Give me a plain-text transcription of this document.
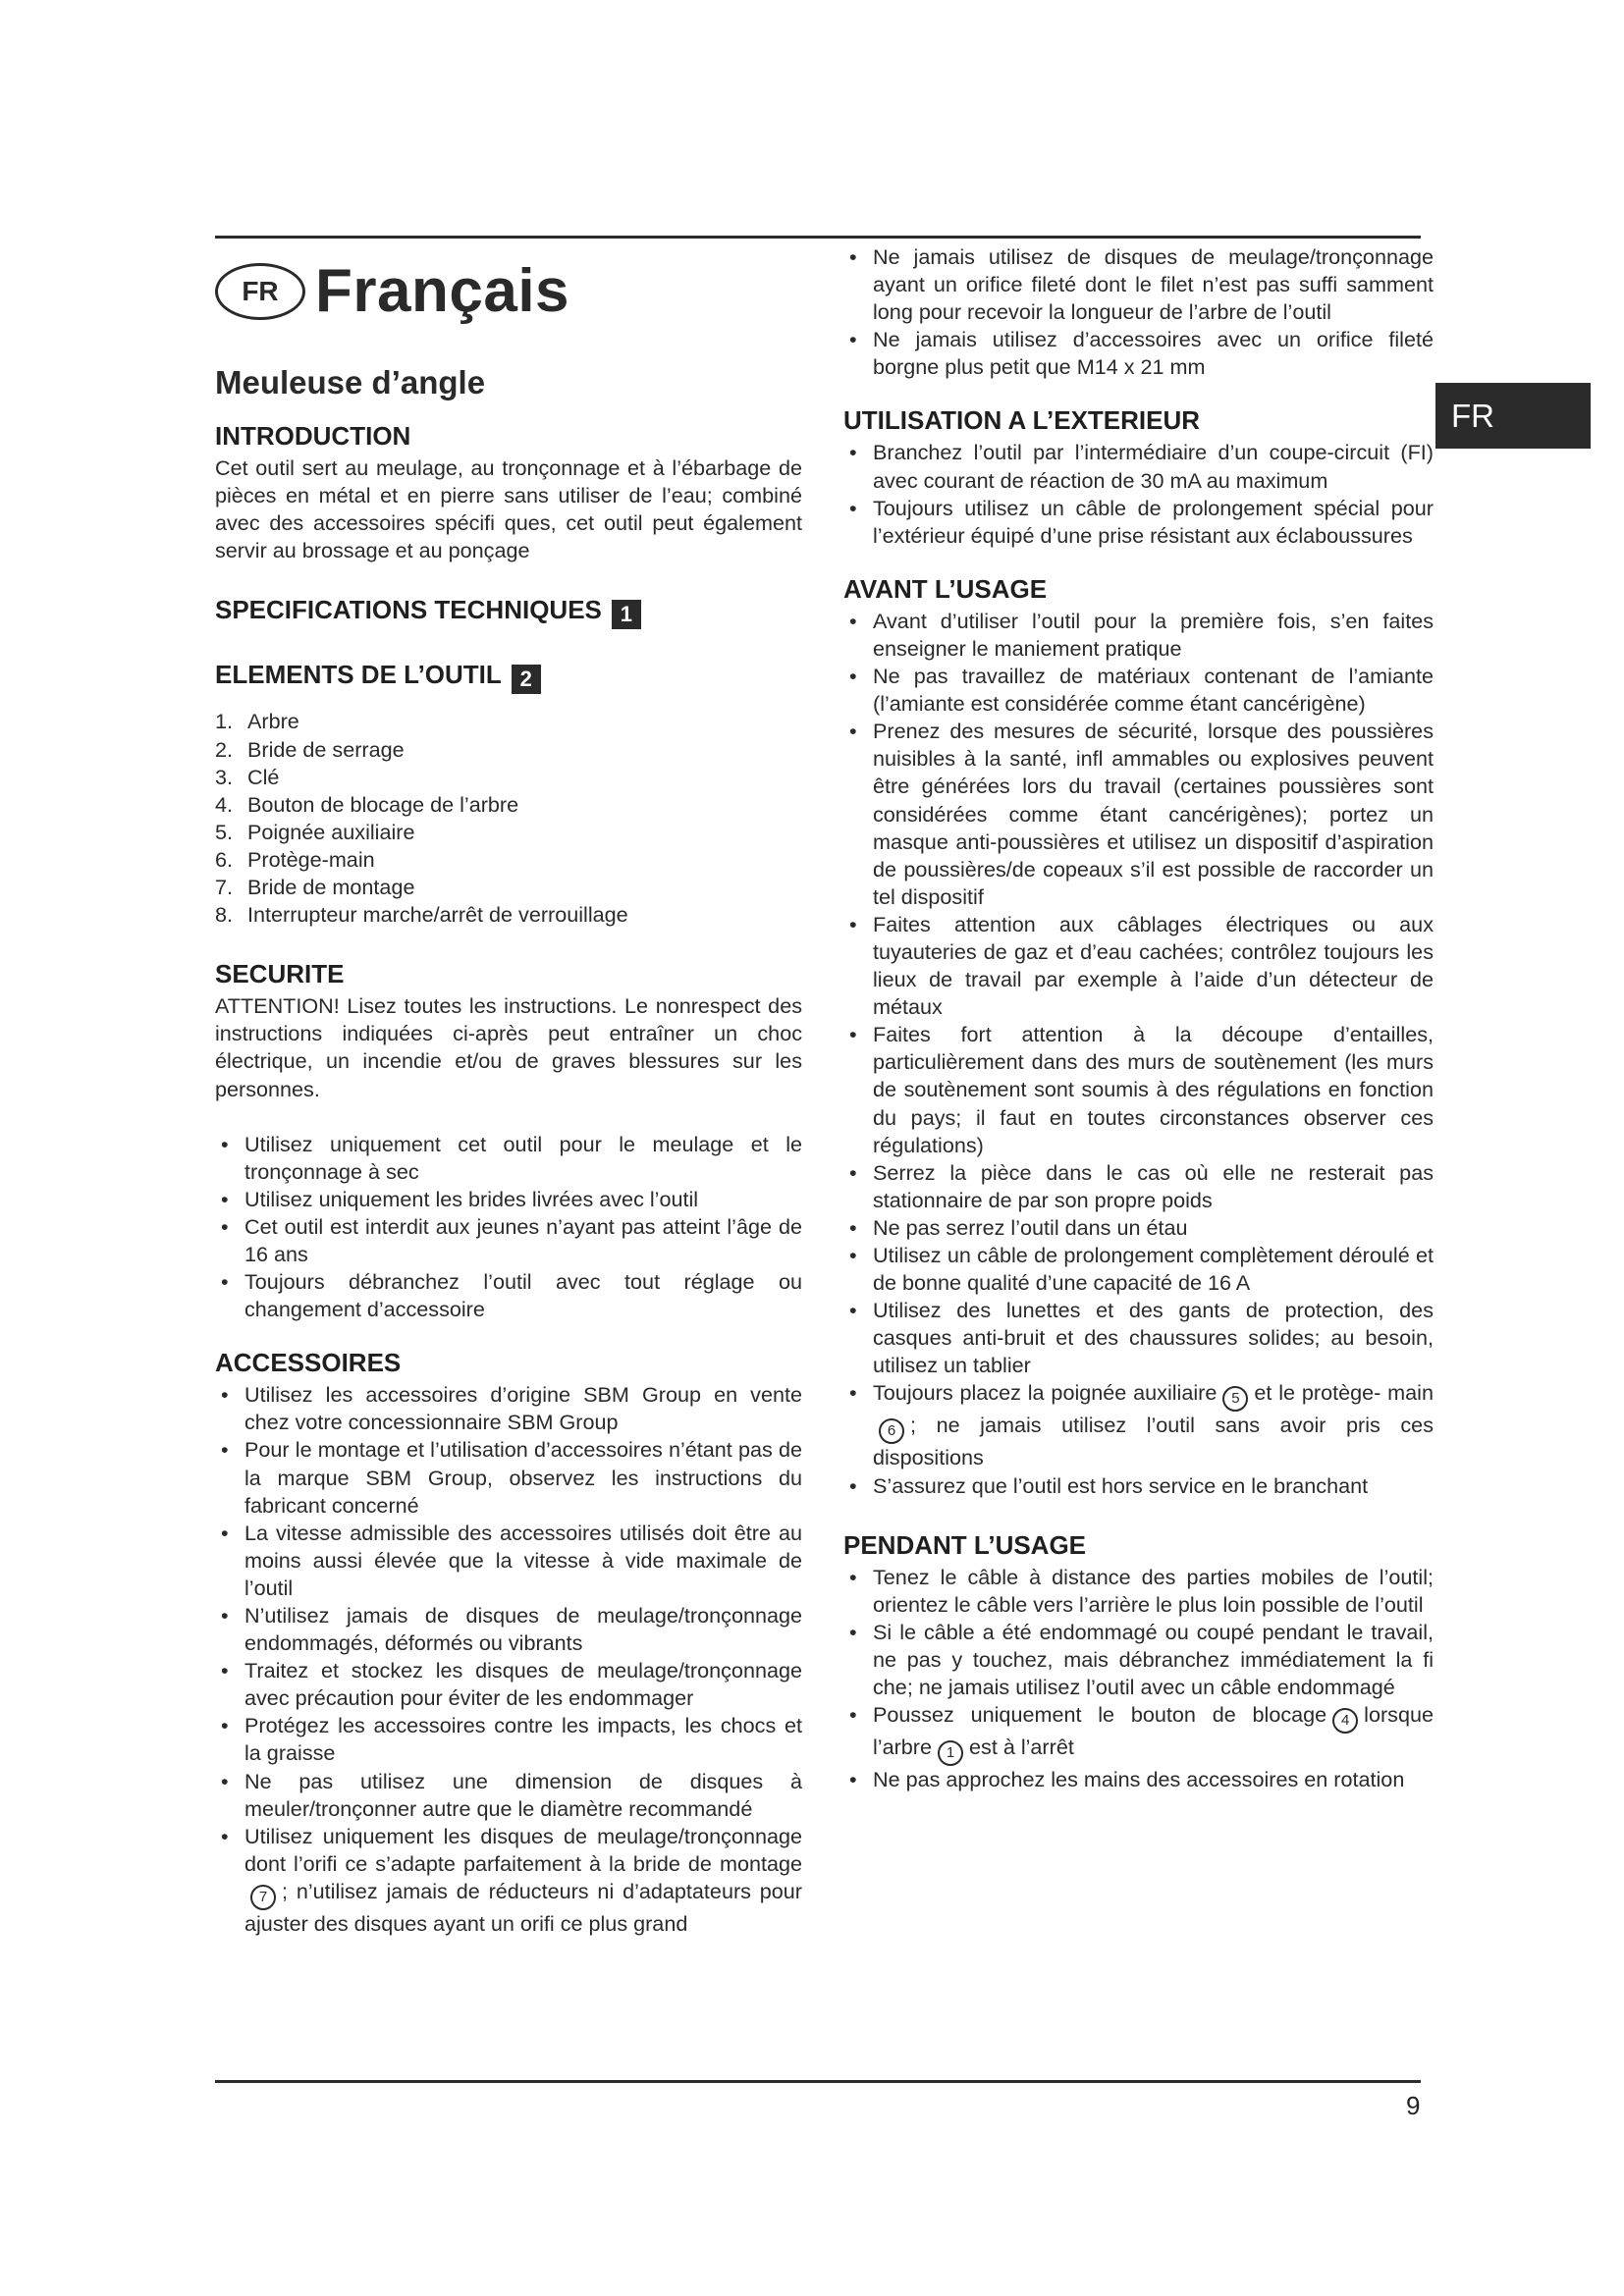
FR
FR Français
Meuleuse d’angle
INTRODUCTION
Cet outil sert au meulage, au tronçonnage et à l’ébarbage de pièces en métal et en pierre sans utiliser de l’eau; combiné avec des accessoires spécifi ques, cet outil peut également servir au brossage et au ponçage
SPECIFICATIONS TECHNIQUES 1
ELEMENTS DE L’OUTIL 2
1. Arbre
2. Bride de serrage
3. Clé
4. Bouton de blocage de l’arbre
5. Poignée auxiliaire
6. Protège-main
7. Bride de montage
8. Interrupteur marche/arrêt de verrouillage
SECURITE
ATTENTION! Lisez toutes les instructions. Le nonrespect des instructions indiquées ci-après peut entraîner un choc électrique, un incendie et/ou de graves blessures sur les personnes.
• Utilisez uniquement cet outil pour le meulage et le tronçonnage à sec
• Utilisez uniquement les brides livrées avec l’outil
• Cet outil est interdit aux jeunes n’ayant pas atteint l’âge de 16 ans
• Toujours débranchez l’outil avec tout réglage ou changement d’accessoire
ACCESSOIRES
• Utilisez les accessoires d’origine SBM Group en vente chez votre concessionnaire SBM Group
• Pour le montage et l’utilisation d’accessoires n’étant pas de la marque SBM Group, observez les instructions du fabricant concerné
• La vitesse admissible des accessoires utilisés doit être au moins aussi élevée que la vitesse à vide maximale de l’outil
• N’utilisez jamais de disques de meulage/tronçonnage endommagés, déformés ou vibrants
• Traitez et stockez les disques de meulage/tronçonnage avec précaution pour éviter de les endommager
• Protégez les accessoires contre les impacts, les chocs et la graisse
• Ne pas utilisez une dimension de disques à meuler/tronçonner autre que le diamètre recommandé
• Utilisez uniquement les disques de meulage/tronçonnage dont l’orifi ce s’adapte parfaitement à la bride de montage7 ; n’utilisez jamais de réducteurs ni d’adaptateurs pour ajuster des disques ayant un orifi ce plus grand
• Ne jamais utilisez de disques de meulage/tronçonnage ayant un orifice fileté dont le filet n’est pas suffi samment long pour recevoir la longueur de l’arbre de l’outil
• Ne jamais utilisez d’accessoires avec un orifice fileté borgne plus petit que M14 x 21 mm
UTILISATION A L’EXTERIEUR
• Branchez l’outil par l’intermédiaire d’un coupe-circuit (FI) avec courant de réaction de 30 mA au maximum
• Toujours utilisez un câble de prolongement spécial pour l’extérieur équipé d’une prise résistant aux éclaboussures
AVANT L’USAGE
• Avant d’utiliser l’outil pour la première fois, s’en faites enseigner le maniement pratique
• Ne pas travaillez de matériaux contenant de l’amiante (l’amiante est considérée comme étant cancérigène)
• Prenez des mesures de sécurité, lorsque des poussières nuisibles à la santé, infl ammables ou explosives peuvent être générées lors du travail (certaines poussières sont considérées comme étant cancérigènes); portez un masque anti-poussières et utilisez un dispositif d’aspiration de poussières/de copeaux s’il est possible de raccorder un tel dispositif
• Faites attention aux câblages électriques ou aux tuyauteries de gaz et d’eau cachées; contrôlez toujours les lieux de travail par exemple à l’aide d’un détecteur de métaux
• Faites fort attention à la découpe d’entailles, particulièrement dans des murs de soutènement (les murs de soutènement sont soumis à des régulations en fonction du pays; il faut en toutes circonstances observer ces régulations)
• Serrez la pièce dans le cas où elle ne resterait pas stationnaire de par son propre poids
• Ne pas serrez l’outil dans un étau
• Utilisez un câble de prolongement complètement déroulé et de bonne qualité d’une capacité de 16 A
• Utilisez des lunettes et des gants de protection, des casques anti-bruit et des chaussures solides; au besoin, utilisez un tablier
• Toujours placez la poignée auxiliaire 5 et le protège- main6 ; ne jamais utilisez l’outil sans avoir pris ces dispositions
• S’assurez que l’outil est hors service en le branchant
PENDANT L’USAGE
• Tenez le câble à distance des parties mobiles de l’outil; orientez le câble vers l’arrière le plus loin possible de l’outil
• Si le câble a été endommagé ou coupé pendant le travail, ne pas y touchez, mais débranchez immédiatement la fi che; ne jamais utilisez l’outil avec un câble endommagé
• Poussez uniquement le bouton de blocage 4 lorsque l’arbre 1 est à l’arrêt
• Ne pas approchez les mains des accessoires en rotation
9
